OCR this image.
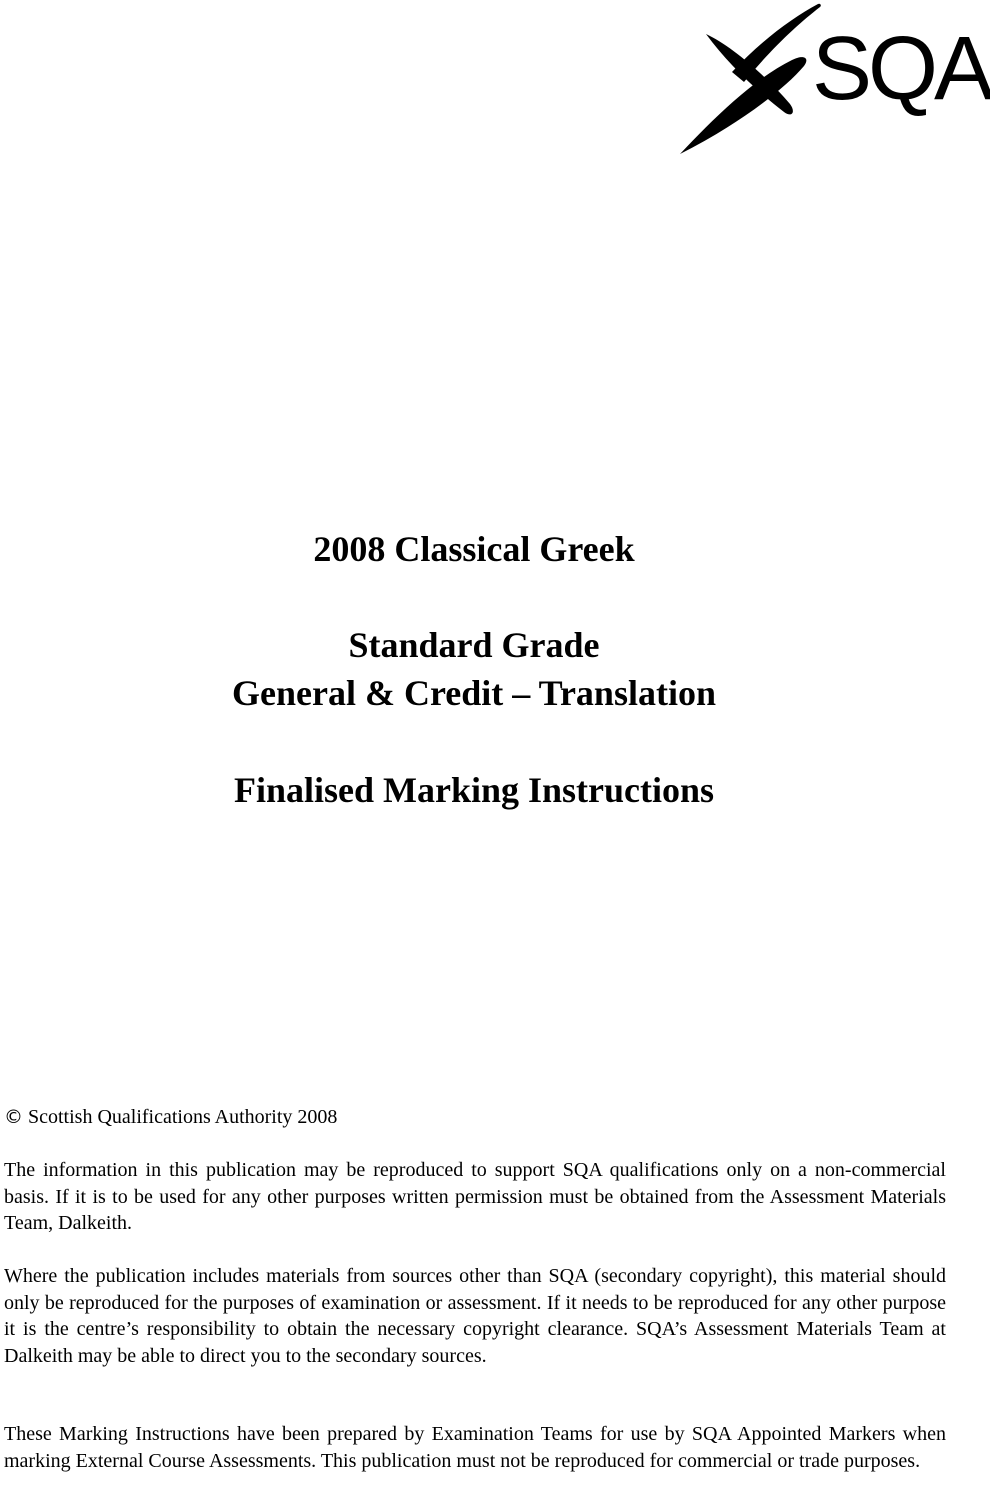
SQA
2008 Classical Greek
Standard Grade
General & Credit – Translation
Finalised Marking Instructions
© Scottish Qualifications Authority 2008
The information in this publication may be reproduced to support SQA qualifications only on a non-commercial basis. If it is to be used for any other purposes written permission must be obtained from the Assessment Materials Team, Dalkeith.
Where the publication includes materials from sources other than SQA (secondary copyright), this material should only be reproduced for the purposes of examination or assessment. If it needs to be reproduced for any other purpose it is the centre’s responsibility to obtain the necessary copyright clearance. SQA’s Assessment Materials Team at Dalkeith may be able to direct you to the secondary sources.
These Marking Instructions have been prepared by Examination Teams for use by SQA Appointed Markers when marking External Course Assessments. This publication must not be reproduced for commercial or trade purposes.
